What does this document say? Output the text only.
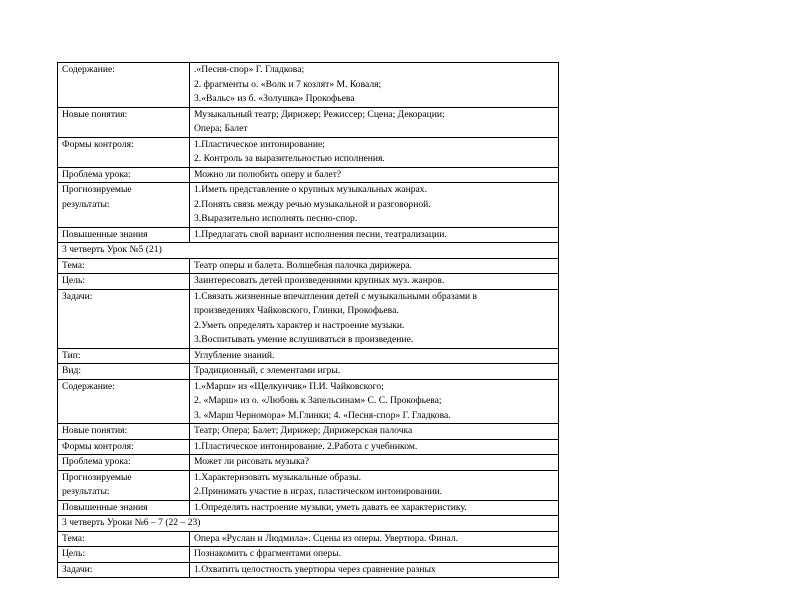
Содержание:	.«Песня-спор» Г. Гладкова;
2. фрагменты о. «Волк и 7 козлят» М. Коваля;
3.«Вальс» из б. «Золушка» Прокофьева

Новые понятия:	Музыкальный театр; Дирижер; Режиссер; Сцена; Декорации;
Опера; Балет

Формы контроля:	1.Пластическое интонирование;
2. Контроль за выразительностью исполнения.

Проблема урока:	Можно ли полюбить оперу и балет?

Прогнозируемые
результаты:	1.Иметь представление о крупных музыкальных жанрах.
2.Понять связь между речью музыкальной и разговорной.
3.Выразительно исполнять песню-спор.

Повышенные знания	1.Предлагать свой вариант исполнения песни, театрализации.

3 четверть Урок №5 (21)	

Тема:	Театр оперы и балета. Волшебная палочка дирижера.

Цель:	Заинтересовать детей произведениями крупных муз. жанров.

Задачи:	1.Связать жизненные впечатления детей с музыкальными образами в
произведениях Чайковского, Глинки, Прокофьева.
2.Уметь определять характер и настроение музыки.
3.Воспитывать умение вслушиваться в произведение.

Тип:	Углубление знаний.

Вид:	Традиционный, с элементами игры.

Содержание:	1.«Марш» из «Щелкунчик» П.И. Чайковского;
2. «Марш» из о. «Любовь к 3апельсинам» С. С. Прокофьева;
3. «Марш Черномора» М.Глинки; 4. «Песня-спор» Г. Гладкова.

Новые понятия:	Театр; Опера; Балет; Дирижер; Дирижерская палочка

Формы контроля:	1.Пластическое интонирование. 2.Работа с учебником.

Проблема урока:	Может ли рисовать музыка?

Прогнозируемые
результаты:	1.Характеризовать музыкальные образы.
2.Принимать участие в играх, пластическом интонировании.

Повышенные знания	1.Определять настроение музыки, уметь давать ее характеристику.

3 четверть Уроки №6 – 7 (22 – 23)	

Тема:	Опера «Руслан и Людмила». Сцены из оперы. Увертюра. Финал.

Цель:	Познакомить с фрагментами оперы.

Задачи:	1.Охватить целостность увертюры через сравнение разных
